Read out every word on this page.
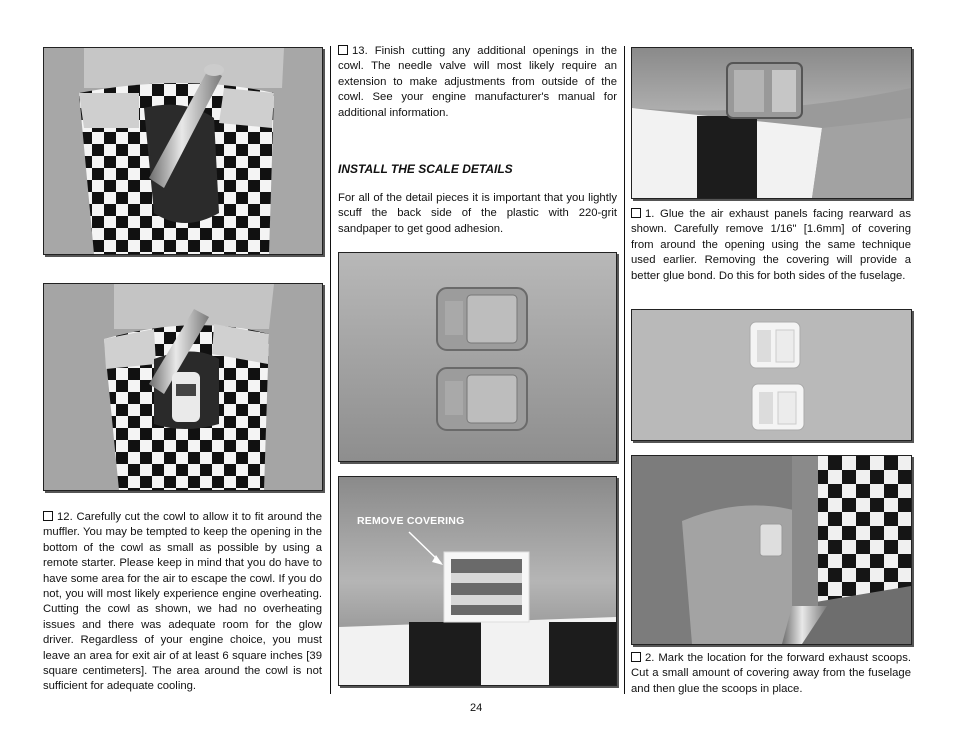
12. Carefully cut the cowl to allow it to fit around the muffler. You may be tempted to keep the opening in the bottom of the cowl as small as possible by using a remote starter. Please keep in mind that you do have to have some area for the air to escape the cowl. If you do not, you will most likely experience engine overheating. Cutting the cowl as shown, we had no overheating issues and there was adequate room for the glow driver. Regardless of your engine choice, you must leave an area for exit air of at least 6 square inches [39 square centimeters]. The area around the cowl is not sufficient for adequate cooling.
13. Finish cutting any additional openings in the cowl. The needle valve will most likely require an extension to make adjustments from outside of the cowl. See your engine manufacturer's manual for additional information.
INSTALL THE SCALE DETAILS
For all of the detail pieces it is important that you lightly scuff the back side of the plastic with 220-grit sandpaper to get good adhesion.
REMOVE COVERING
1. Glue the air exhaust panels facing rearward as shown. Carefully remove 1/16" [1.6mm] of covering from around the opening using the same technique used earlier. Removing the covering will provide a better glue bond. Do this for both sides of the fuselage.
2. Mark the location for the forward exhaust scoops. Cut a small amount of covering away from the fuselage and then glue the scoops in place.
24
